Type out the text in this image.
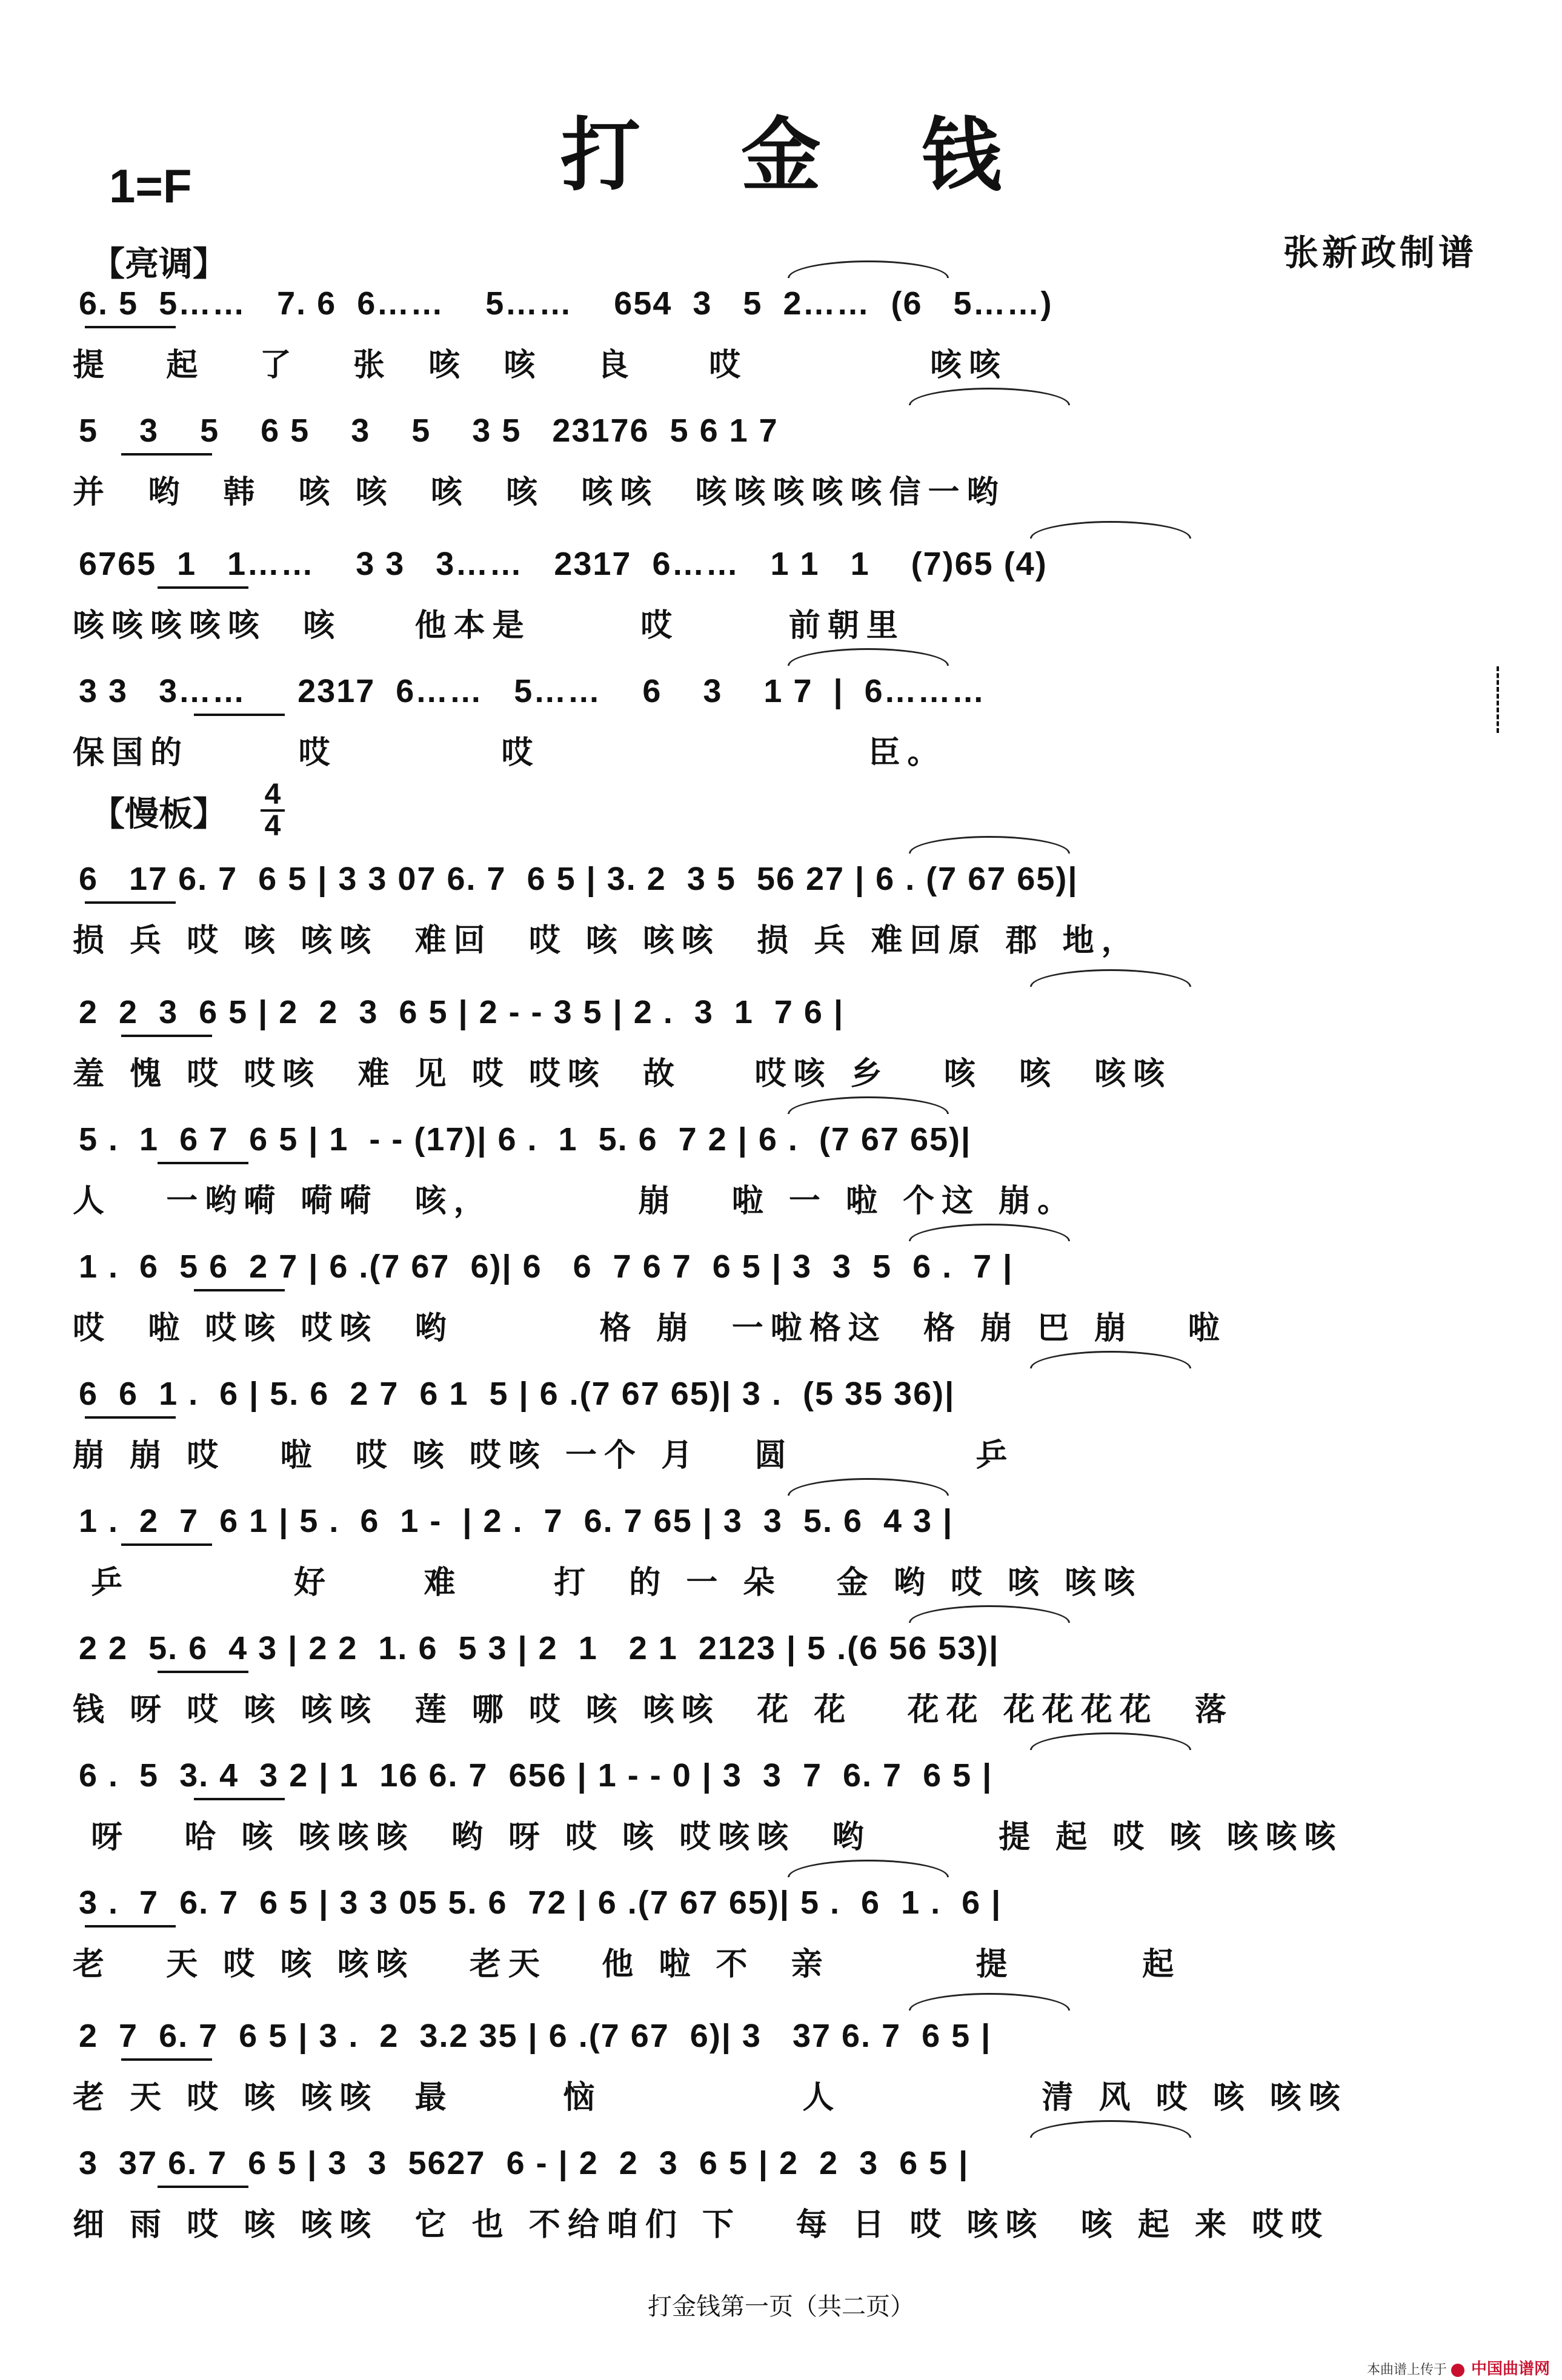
打 金 钱
1=F
张新政制谱
【亮调】
【慢板】 4
4
6. 5  5……   7. 6  6……    5……    654  3   5  2……  (6   5……)
提   起   了   张  咳  咳   良    哎          咳咳
5    3    5    6 5    3    5    3 5   23176  5 6 1 7
并  哟  韩  咳 咳  咳  咳  咳咳  咳咳咳咳咳信一哟
6765  1   1……    3 3   3……   2317  6……   1 1   1    (7)65 (4)
咳咳咳咳咳  咳    他本是      哎      前朝里
3 3   3……     2317  6……   5……    6    3    1 7  |  6………
保国的      哎         哎                  臣。
6   17 6. 7  6 5 | 3 3 07 6. 7  6 5 | 3. 2  3 5  56 27 | 6 . (7 67 65)|
损 兵 哎 咳 咳咳  难回  哎 咳 咳咳  损 兵 难回原 郡 地，
2  2  3  6 5 | 2  2  3  6 5 | 2 - - 3 5 | 2 .  3  1  7 6 |
羞 愧 哎 哎咳  难 见 哎 哎咳  故    哎咳 乡   咳  咳  咳咳
5 .  1  6 7  6 5 | 1  - - (17)| 6 .  1  5. 6  7 2 | 6 .  (7 67 65)|
人   一哟嗬 嗬嗬  咳，        崩   啦 一 啦 个这 崩。
1 .  6  5 6  2 7 | 6 .(7 67  6)| 6   6  7 6 7  6 5 | 3  3  5  6 .  7 |
哎  啦 哎咳 哎咳  哟        格 崩  一啦格这  格 崩 巴 崩   啦
6  6  1 .  6 | 5. 6  2 7  6 1  5 | 6 .(7 67 65)| 3 .  (5 35 36)|
崩 崩 哎   啦  哎 咳 哎咳 一个 月   圆          乒
1 .  2  7  6 1 | 5 .  6  1 -  | 2 .  7  6. 7 65 | 3  3  5. 6  4 3 |
乒         好     难     打  的 一 朵   金 哟 哎 咳 咳咳
2 2  5. 6  4 3 | 2 2  1. 6  5 3 | 2  1   2 1  2123 | 5 .(6 56 53)|
钱 呀 哎 咳 咳咳  莲 哪 哎 咳 咳咳  花 花   花花 花花花花  落
6 .  5  3. 4  3 2 | 1  16 6. 7  656 | 1 - - 0 | 3  3  7  6. 7  6 5 |
呀   哈 咳 咳咳咳  哟 呀 哎 咳 哎咳咳  哟       提 起 哎 咳 咳咳咳
3 .  7  6. 7  6 5 | 3 3 05 5. 6  72 | 6 .(7 67 65)| 5 .  6  1 .  6 |
老   天 哎 咳 咳咳   老天   他 啦 不  亲        提       起
2  7  6. 7  6 5 | 3 .  2  3.2 35 | 6 .(7 67  6)| 3   37 6. 7  6 5 |
老 天 哎 咳 咳咳  最      恼           人           清 风 哎 咳 咳咳
3  37 6. 7  6 5 | 3  3  5627  6 - | 2  2  3  6 5 | 2  2  3  6 5 |
细 雨 哎 咳 咳咳  它 也 不给咱们 下   每 日 哎 咳咳  咳 起 来 哎哎
打金钱第一页（共二页）
本曲谱上传于 中国曲谱网
